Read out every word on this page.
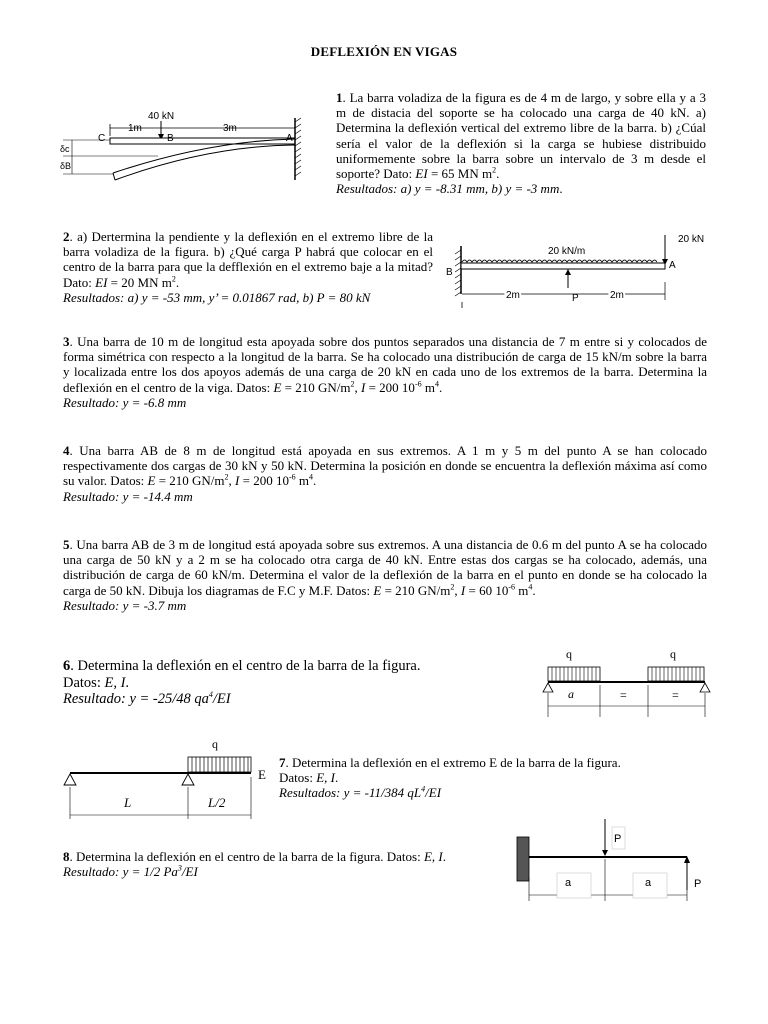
DEFLEXIÓN EN VIGAS
1. La barra voladiza de la figura es de 4 m de largo, y sobre ella y a 3 m de distacia del soporte se ha colocado una carga de 40 kN. a) Determina la deflexión vertical del extremo libre de la barra. b) ¿Cúal sería el valor de la deflexión si la carga se hubiese distribuido uniformemente sobre la barra sobre un intervalo de 3 m desde el soporte? Dato: EI = 65 MN $m^2$.
Resultados: a) y = -8.31 mm, b) y = -3 mm.
40 kN
1m	3m
C	B	A
δc
δB
2. a) Dertermina la pendiente y la deflexión en el extremo libre de la barra voladiza de la figura. b) ¿Qué carga P habrá que colocar en el centro de la barra para que la defflexión en el extremo baje a la mitad? Dato: EI = 20 MN $m^2$.
Resultados: a) y = -53 mm, y’ = 0.01867 rad, b) P = 80 kN
B
20 kN/m
20 kN
A
P
2m	2m
3. Una barra de 10 m de longitud esta apoyada sobre dos puntos separados una distancia de 7 m entre si y colocados de forma simétrica con respecto a la longitud de la barra. Se ha colocado una distribución de carga de 15 kN/m sobre la barra y localizada entre los dos apoyos además de una carga de 20 kN en cada uno de los extremos de la barra. Determina la deflexión en el centro de la viga. Datos: E = 210 $GN/m^2$, I = 200 $10^{-6}$ $m^4$.
Resultado: y = -6.8 mm
4. Una barra AB de 8 m de longitud está apoyada en sus extremos. A 1 m y 5 m del punto A se han colocado respectivamente dos cargas de 30 kN y 50 kN. Determina la posición en donde se encuentra la deflexión máxima así como su valor. Datos: E = 210 $GN/m^2$, I = 200 $10^{-6}$ $m^4$.
Resultado: y = -14.4 mm
5. Una barra AB de 3 m de longitud está apoyada sobre sus extremos. A una distancia de 0.6 m del punto A se ha colocado una carga de 50 kN y a 2 m se ha colocado otra carga de 40 kN. Entre estas dos cargas se ha colocado, además, una distribución de carga de 60 kN/m. Determina el valor de la deflexión de la barra en el punto en donde se ha colocado la carga de 50 kN. Dibuja los diagramas de F.C y M.F. Datos: E = 210 $GN/m^2$, I = 60 $10^{-6}$ $m^4$.
Resultado: y = -3.7 mm
6. Determina la deflexión en el centro de la barra de la figura.
Datos: E, I.
Resultado: y = -25/48 $qa^4/EI$
q	q
a	=	=
q
E
L	L/2
7. Determina la deflexión en el extremo E de la barra de la figura.
Datos: E, I.
Resultados: y = -11/384 $qL^4/EI$
8. Determina la deflexión en el centro de la barra de la figura. Datos: E, I.
Resultado: y = 1/2 Pa$^3$/EI
P
P
a	a
